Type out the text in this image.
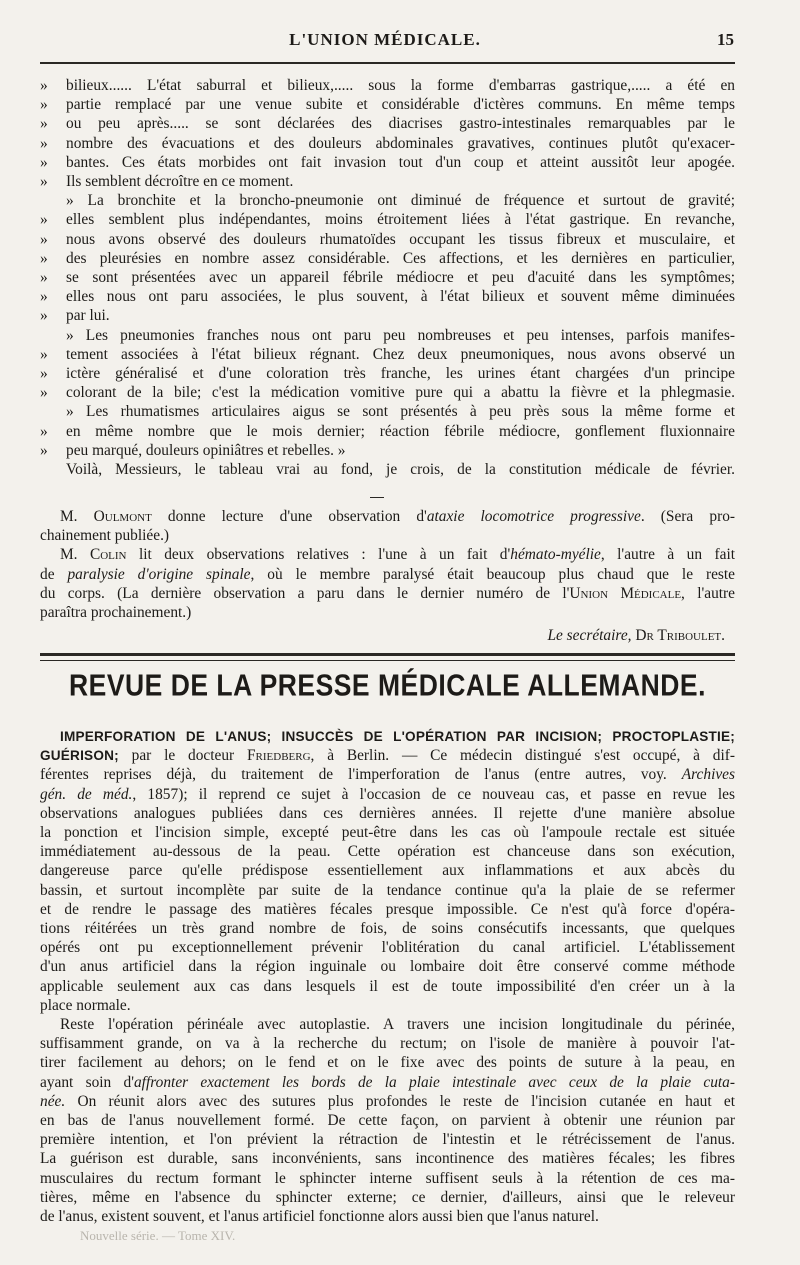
L'UNION MÉDICALE.	15
» bilieux...... L'état saburral et bilieux,..... sous la forme d'embarras gastrique,..... a été en
» partie remplacé par une venue subite et considérable d'ictères communs. En même temps
» ou peu après..... se sont déclarées des diacrises gastro-intestinales remarquables par le
» nombre des évacuations et des douleurs abdominales gravatives, continues plutôt qu'exacer-
» bantes. Ces états morbides ont fait invasion tout d'un coup et atteint aussitôt leur apogée.
» Ils semblent décroître en ce moment.
» La bronchite et la broncho-pneumonie ont diminué de fréquence et surtout de gravité;
» elles semblent plus indépendantes, moins étroitement liées à l'état gastrique. En revanche,
» nous avons observé des douleurs rhumatoïdes occupant les tissus fibreux et musculaire, et
» des pleurésies en nombre assez considérable. Ces affections, et les dernières en particulier,
» se sont présentées avec un appareil fébrile médiocre et peu d'acuité dans les symptômes;
» elles nous ont paru associées, le plus souvent, à l'état bilieux et souvent même diminuées
» par lui.
» Les pneumonies franches nous ont paru peu nombreuses et peu intenses, parfois manifes-
» tement associées à l'état bilieux régnant. Chez deux pneumoniques, nous avons observé un
» ictère généralisé et d'une coloration très franche, les urines étant chargées d'un principe
» colorant de la bile; c'est la médication vomitive pure qui a abattu la fièvre et la phlegmasie.
» Les rhumatismes articulaires aigus se sont présentés à peu près sous la même forme et
» en même nombre que le mois dernier; réaction fébrile médiocre, gonflement fluxionnaire
» peu marqué, douleurs opiniâtres et rebelles. »
Voilà, Messieurs, le tableau vrai au fond, je crois, de la constitution médicale de février.
M. Oulmont donne lecture d'une observation d'ataxie locomotrice progressive. (Sera pro-
chainement publiée.)
M. Colin lit deux observations relatives : l'une à un fait d'hémato-myélie, l'autre à un fait
de paralysie d'origine spinale, où le membre paralysé était beaucoup plus chaud que le reste
du corps. (La dernière observation a paru dans le dernier numéro de l'Union Médicale, l'autre
paraîtra prochainement.)
Le secrétaire, Dr Triboulet.
REVUE DE LA PRESSE MÉDICALE ALLEMANDE.
IMPERFORATION DE L'ANUS; INSUCCÈS DE L'OPÉRATION PAR INCISION; PROCTOPLASTIE;
GUÉRISON; par le docteur Friedberg, à Berlin. — Ce médecin distingué s'est occupé, à dif-
férentes reprises déjà, du traitement de l'imperforation de l'anus (entre autres, voy. Archives
gén. de méd., 1857); il reprend ce sujet à l'occasion de ce nouveau cas, et passe en revue les
observations analogues publiées dans ces dernières années. Il rejette d'une manière absolue
la ponction et l'incision simple, excepté peut-être dans les cas où l'ampoule rectale est située
immédiatement au-dessous de la peau. Cette opération est chanceuse dans son exécution,
dangereuse parce qu'elle prédispose essentiellement aux inflammations et aux abcès du
bassin, et surtout incomplète par suite de la tendance continue qu'a la plaie de se refermer
et de rendre le passage des matières fécales presque impossible. Ce n'est qu'à force d'opéra-
tions réitérées un très grand nombre de fois, de soins consécutifs incessants, que quelques
opérés ont pu exceptionnellement prévenir l'oblitération du canal artificiel. L'établissement
d'un anus artificiel dans la région inguinale ou lombaire doit être conservé comme méthode
applicable seulement aux cas dans lesquels il est de toute impossibilité d'en créer un à la
place normale.
Reste l'opération périnéale avec autoplastie. A travers une incision longitudinale du périnée,
suffisamment grande, on va à la recherche du rectum; on l'isole de manière à pouvoir l'at-
tirer facilement au dehors; on le fend et on le fixe avec des points de suture à la peau, en
ayant soin d'affronter exactement les bords de la plaie intestinale avec ceux de la plaie cuta-
née. On réunit alors avec des sutures plus profondes le reste de l'incision cutanée en haut et
en bas de l'anus nouvellement formé. De cette façon, on parvient à obtenir une réunion par
première intention, et l'on prévient la rétraction de l'intestin et le rétrécissement de l'anus.
La guérison est durable, sans inconvénients, sans incontinence des matières fécales; les fibres
musculaires du rectum formant le sphincter interne suffisent seuls à la rétention de ces ma-
tières, même en l'absence du sphincter externe; ce dernier, d'ailleurs, ainsi que le releveur
de l'anus, existent souvent, et l'anus artificiel fonctionne alors aussi bien que l'anus naturel.
Nouvelle série. — Tome XIV.
